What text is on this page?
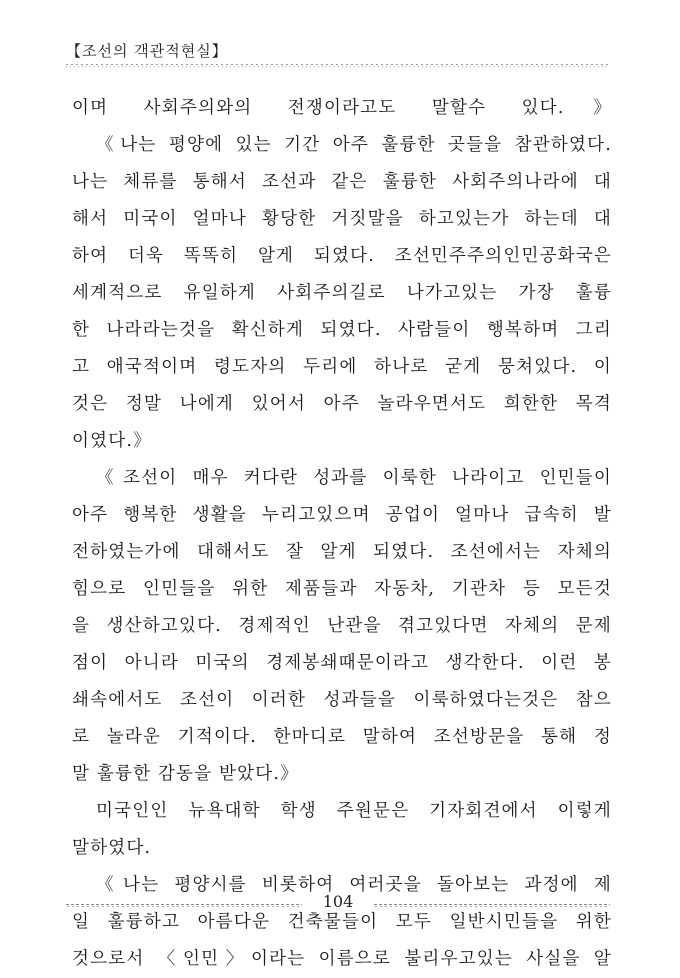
【조선의 객관적현실】
이며 사회주의와의 전쟁이라고도 말할수 있다.》
《나는 평양에 있는 기간 아주 훌륭한 곳들을 참관하였다.
나는 체류를 통해서 조선과 같은 훌륭한 사회주의나라에 대
해서 미국이 얼마나 황당한 거짓말을 하고있는가 하는데 대
하여 더욱 똑똑히 알게 되였다. 조선민주주의인민공화국은
세계적으로 유일하게 사회주의길로 나가고있는 가장 훌륭
한 나라라는것을 확신하게 되였다. 사람들이 행복하며 그리
고 애국적이며 령도자의 두리에 하나로 굳게 뭉쳐있다. 이
것은 정말 나에게 있어서 아주 놀라우면서도 희한한 목격
이였다.》
《조선이 매우 커다란 성과를 이룩한 나라이고 인민들이
아주 행복한 생활을 누리고있으며 공업이 얼마나 급속히 발
전하였는가에 대해서도 잘 알게 되였다. 조선에서는 자체의
힘으로 인민들을 위한 제품들과 자동차, 기관차 등 모든것
을 생산하고있다. 경제적인 난관을 겪고있다면 자체의 문제
점이 아니라 미국의 경제봉쇄때문이라고 생각한다. 이런 봉
쇄속에서도 조선이 이러한 성과들을 이룩하였다는것은 참으
로 놀라운 기적이다. 한마디로 말하여 조선방문을 통해 정
말 훌륭한 감동을 받았다.》
미국인인 뉴욕대학 학생 주원문은 기자회견에서 이렇게
말하였다.
《나는 평양시를 비롯하여 여러곳을 돌아보는 과정에 제
일 훌륭하고 아름다운 건축물들이 모두 일반시민들을 위한
것으로서 〈인민〉이라는 이름으로 불리우고있는 사실을 알
104
